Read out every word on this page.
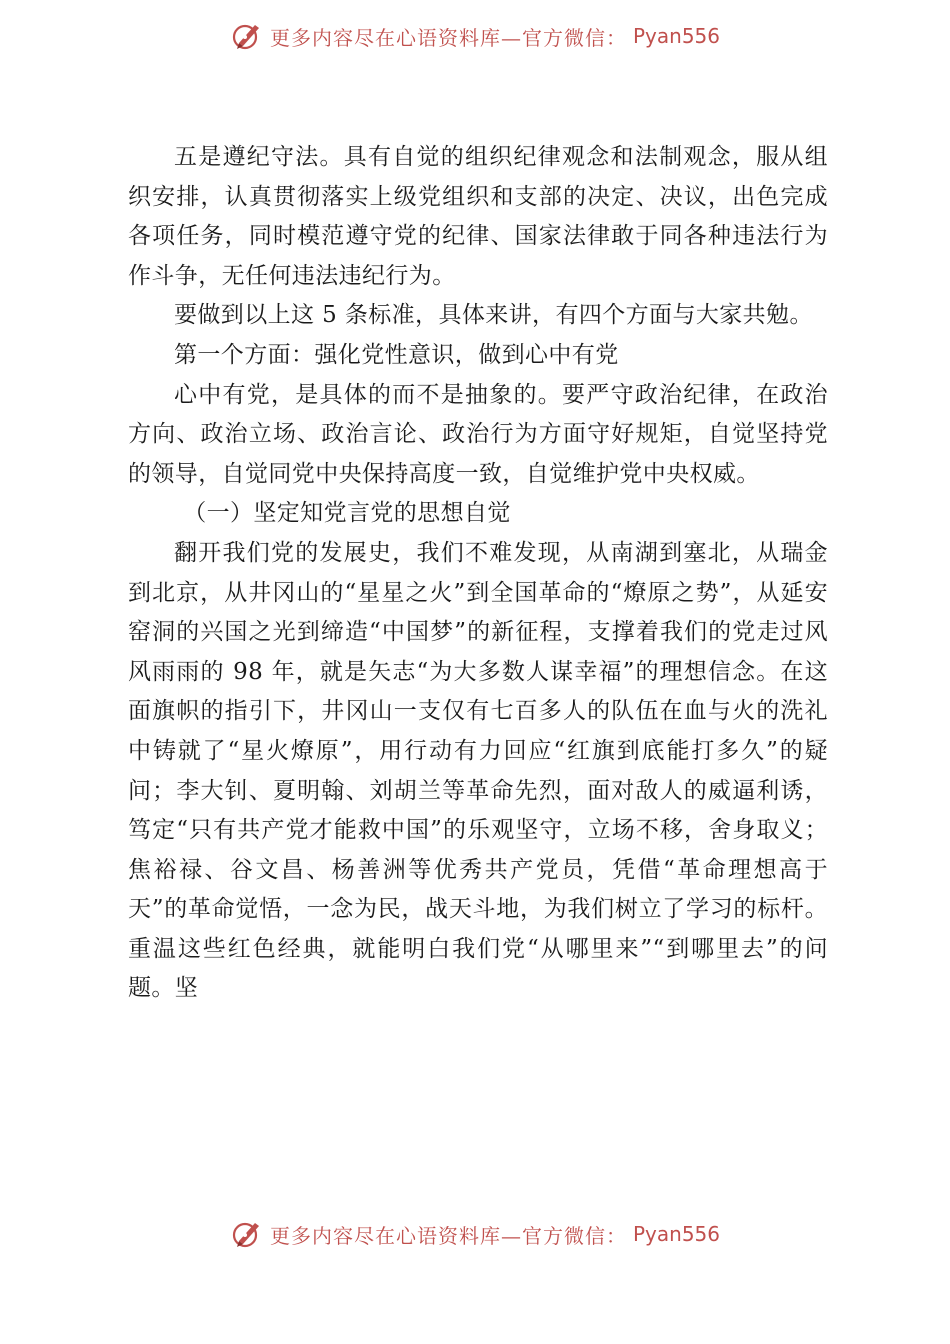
更多内容尽在心语资料库—官方微信： Pyan556

五是遵纪守法。具有自觉的组织纪律观念和法制观念，服从组织安排，认真贯彻落实上级党组织和支部的决定、决议，出色完成各项任务，同时模范遵守党的纪律、国家法律敢于同各种违法行为作斗争，无任何违法违纪行为。

要做到以上这 5 条标准，具体来讲，有四个方面与大家共勉。

第一个方面：强化党性意识，做到心中有党

心中有党，是具体的而不是抽象的。要严守政治纪律，在政治方向、政治立场、政治言论、政治行为方面守好规矩，自觉坚持党的领导，自觉同党中央保持高度一致，自觉维护党中央权威。

（一）坚定知党言党的思想自觉

翻开我们党的发展史，我们不难发现，从南湖到塞北，从瑞金到北京，从井冈山的“星星之火”到全国革命的“燎原之势”，从延安窑洞的兴国之光到缔造“中国梦”的新征程，支撑着我们的党走过风风雨雨的 98 年，就是矢志“为大多数人谋幸福”的理想信念。在这面旗帜的指引下，井冈山一支仅有七百多人的队伍在血与火的洗礼中铸就了“星火燎原”，用行动有力回应“红旗到底能打多久”的疑问；李大钊、夏明翰、刘胡兰等革命先烈，面对敌人的威逼利诱，笃定“只有共产党才能救中国”的乐观坚守，立场不移，舍身取义；焦裕禄、谷文昌、杨善洲等优秀共产党员，凭借“革命理想高于天”的革命觉悟，一念为民，战天斗地，为我们树立了学习的标杆。重温这些红色经典，就能明白我们党“从哪里来”“到哪里去”的问题。坚

更多内容尽在心语资料库—官方微信： Pyan556
